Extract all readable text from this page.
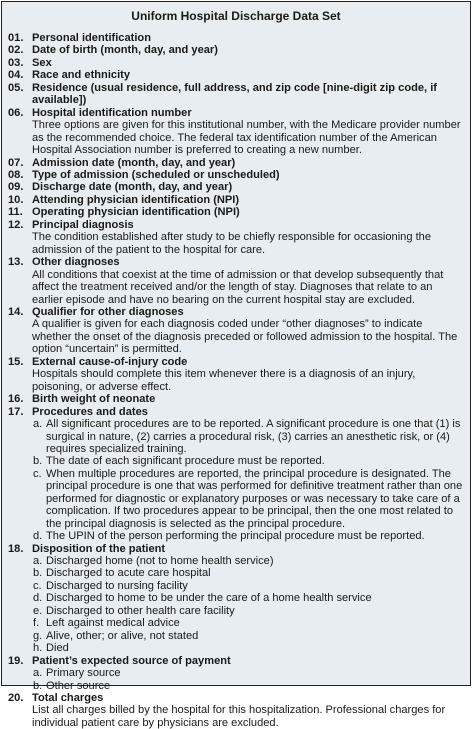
Uniform Hospital Discharge Data Set
01. Personal identification
02. Date of birth (month, day, and year)
03. Sex
04. Race and ethnicity
05. Residence (usual residence, full address, and zip code [nine-digit zip code, if available])
06. Hospital identification number
Three options are given for this institutional number, with the Medicare provider number as the recommended choice. The federal tax identification number of the American Hospital Association number is preferred to creating a new number.
07. Admission date (month, day, and year)
08. Type of admission (scheduled or unscheduled)
09. Discharge date (month, day, and year)
10. Attending physician identification (NPI)
11. Operating physician identification (NPI)
12. Principal diagnosis
The condition established after study to be chiefly responsible for occasioning the admission of the patient to the hospital for care.
13. Other diagnoses
All conditions that coexist at the time of admission or that develop subsequently that affect the treatment received and/or the length of stay. Diagnoses that relate to an earlier episode and have no bearing on the current hospital stay are excluded.
14. Qualifier for other diagnoses
A qualifier is given for each diagnosis coded under “other diagnoses” to indicate whether the onset of the diagnosis preceded or followed admission to the hospital. The option “uncertain” is permitted.
15. External cause-of-injury code
Hospitals should complete this item whenever there is a diagnosis of an injury, poisoning, or adverse effect.
16. Birth weight of neonate
17. Procedures and dates
a. All significant procedures are to be reported. A significant procedure is one that (1) is surgical in nature, (2) carries a procedural risk, (3) carries an anesthetic risk, or (4) requires specialized training.
b. The date of each significant procedure must be reported.
c. When multiple procedures are reported, the principal procedure is designated. The principal procedure is one that was performed for definitive treatment rather than one performed for diagnostic or explanatory purposes or was necessary to take care of a complication. If two procedures appear to be principal, then the one most related to the principal diagnosis is selected as the principal procedure.
d. The UPIN of the person performing the principal procedure must be reported.
18. Disposition of the patient
a. Discharged home (not to home health service)
b. Discharged to acute care hospital
c. Discharged to nursing facility
d. Discharged to home to be under the care of a home health service
e. Discharged to other health care facility
f. Left against medical advice
g. Alive, other; or alive, not stated
h. Died
19. Patient’s expected source of payment
a. Primary source
b. Other source
20. Total charges
List all charges billed by the hospital for this hospitalization. Professional charges for individual patient care by physicians are excluded.
